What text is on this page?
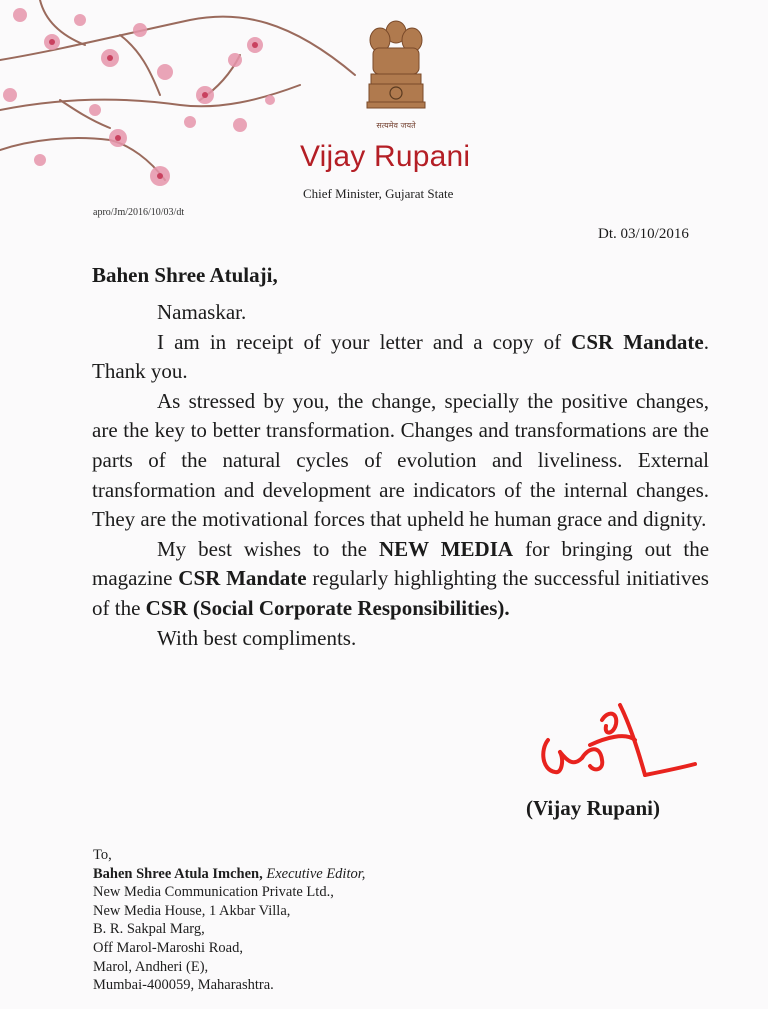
सत्यमेव जयते
Vijay Rupani
Chief Minister, Gujarat State
apro/Jm/2016/10/03/dt
Dt. 03/10/2016
Bahen Shree Atulaji,

Namaskar.

I am in receipt of your letter and a copy of CSR Mandate. Thank you.

As stressed by you, the change, specially the positive changes, are the key to better transformation. Changes and transformations are the parts of the natural cycles of evolution and liveliness. External transformation and development are indicators of the internal changes. They are the motivational forces that upheld he human grace and dignity.

My best wishes to the NEW MEDIA for bringing out the magazine CSR Mandate regularly highlighting the successful initiatives of the CSR (Social Corporate Responsibilities).

With best compliments.

(Vijay Rupani)
To,
Bahen Shree Atula Imchen, Executive Editor,
New Media Communication Private Ltd.,
New Media House, 1 Akbar Villa,
B. R. Sakpal Marg,
Off Marol-Maroshi Road,
Marol, Andheri (E),
Mumbai-400059, Maharashtra.
